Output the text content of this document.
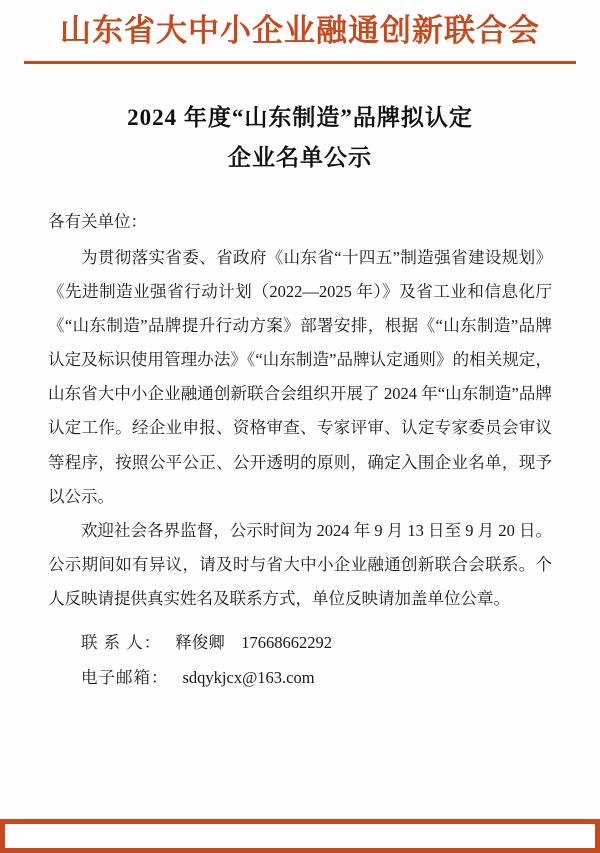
山东省大中小企业融通创新联合会
2024 年度“山东制造”品牌拟认定
企业名单公示
各有关单位：
为贯彻落实省委、省政府《山东省“十四五”制造强省建设规划》《先进制造业强省行动计划（2022—2025 年）》及省工业和信息化厅《“山东制造”品牌提升行动方案》部署安排，根据《“山东制造”品牌认定及标识使用管理办法》《“山东制造”品牌认定通则》的相关规定，山东省大中小企业融通创新联合会组织开展了 2024 年“山东制造”品牌认定工作。经企业申报、资格审查、专家评审、认定专家委员会审议等程序，按照公平公正、公开透明的原则，确定入围企业名单，现予以公示。
欢迎社会各界监督，公示时间为 2024 年 9 月 13 日至 9 月 20 日。公示期间如有异议，请及时与省大中小企业融通创新联合会联系。个人反映请提供真实姓名及联系方式，单位反映请加盖单位公章。
联 系 人： 释俊卿　17668662292
电子邮箱： sdqykjcx@163.com
